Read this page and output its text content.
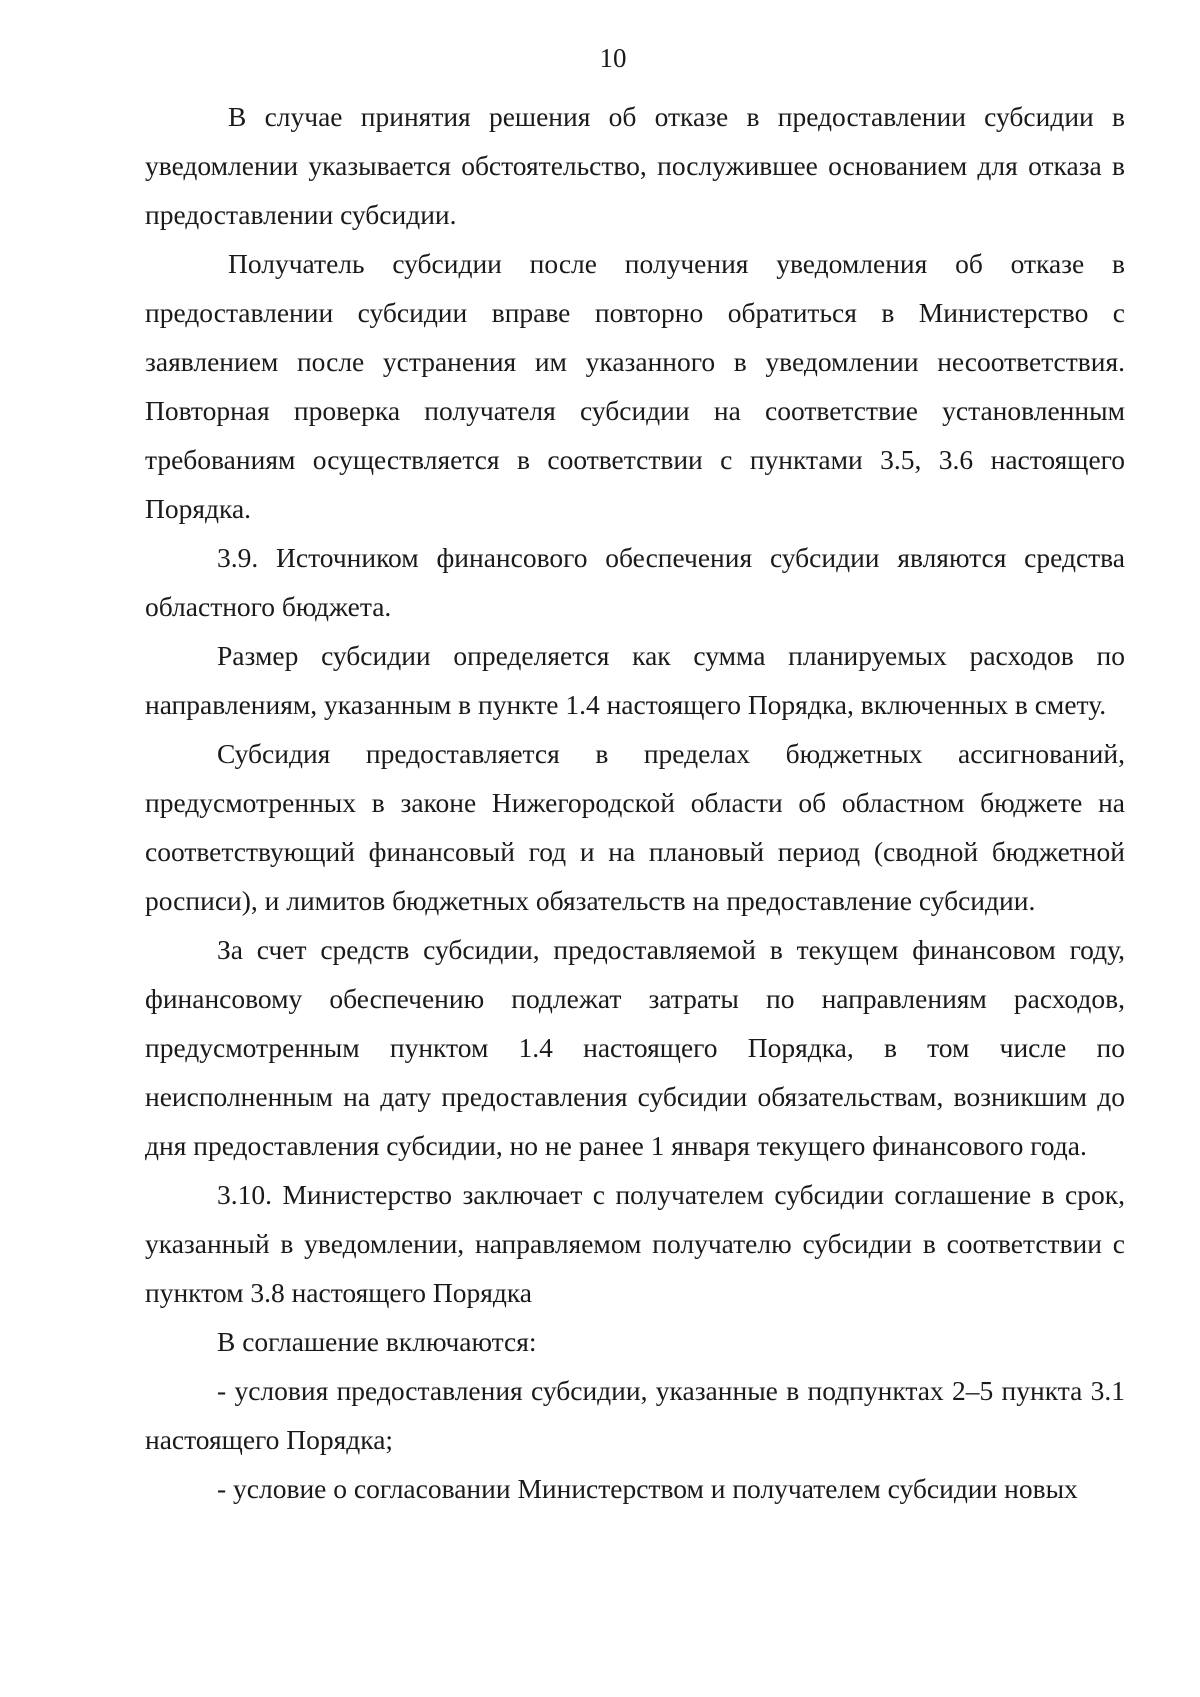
10

В случае принятия решения об отказе в предоставлении субсидии в уведомлении указывается обстоятельство, послужившее основанием для отказа в предоставлении субсидии.

Получатель субсидии после получения уведомления об отказе в предоставлении субсидии вправе повторно обратиться в Министерство с заявлением после устранения им указанного в уведомлении несоответствия. Повторная проверка получателя субсидии на соответствие установленным требованиям осуществляется в соответствии с пунктами 3.5, 3.6 настоящего Порядка.

3.9. Источником финансового обеспечения субсидии являются средства областного бюджета.

Размер субсидии определяется как сумма планируемых расходов по направлениям, указанным в пункте 1.4 настоящего Порядка, включенных в смету.

Субсидия предоставляется в пределах бюджетных ассигнований, предусмотренных в законе Нижегородской области об областном бюджете на соответствующий финансовый год и на плановый период (сводной бюджетной росписи), и лимитов бюджетных обязательств на предоставление субсидии.

За счет средств субсидии, предоставляемой в текущем финансовом году, финансовому обеспечению подлежат затраты по направлениям расходов, предусмотренным пунктом 1.4 настоящего Порядка, в том числе по неисполненным на дату предоставления субсидии обязательствам, возникшим до дня предоставления субсидии, но не ранее 1 января текущего финансового года.

3.10. Министерство заключает с получателем субсидии соглашение в срок, указанный в уведомлении, направляемом получателю субсидии в соответствии с пунктом 3.8 настоящего Порядка

В соглашение включаются:

- условия предоставления субсидии, указанные в подпунктах 2–5 пункта 3.1 настоящего Порядка;

- условие о согласовании Министерством и получателем субсидии новых
